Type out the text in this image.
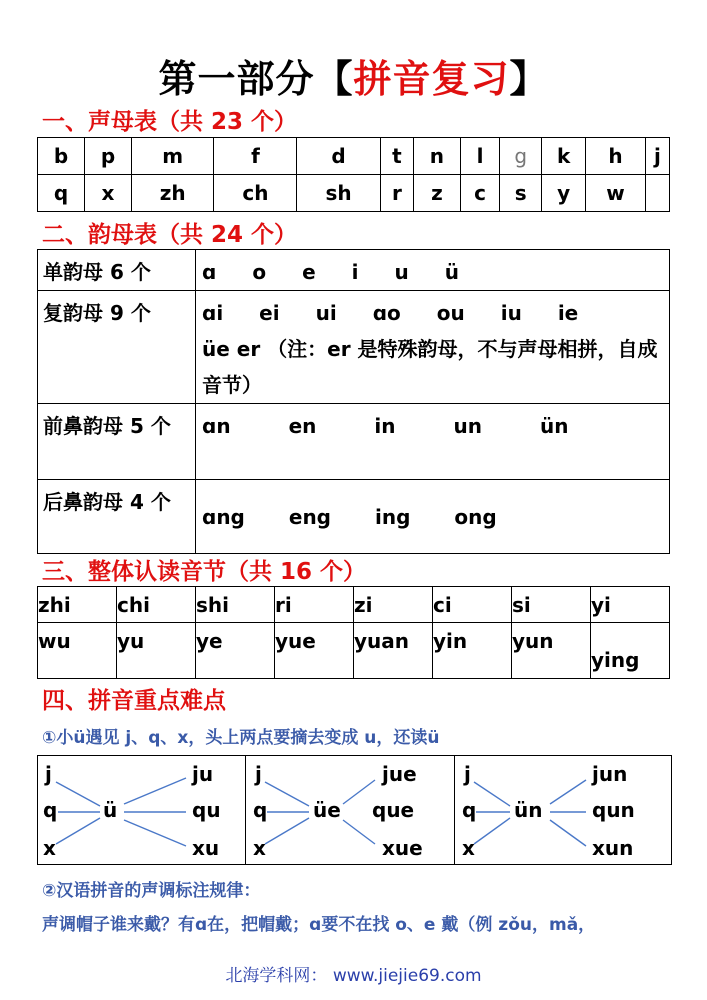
第一部分【拼音复习】
一、声母表（共 23 个）
b	p	m	f	d	t	n	l	g	k	h	j
q	x	zh	ch	sh	r	z	c	s	y	w	
二、韵母表（共 24 个）
单韵母 6 个	ɑ o e i u ü
复韵母 9 个	ɑi ei ui ɑo ou iu ie
üe er （注：er 是特殊韵母，不与声母相拼，自成音节）

前鼻韵母 5 个	ɑn en in un ün
后鼻韵母 4 个	ɑng eng ing ong
三、整体认读音节（共 16 个）
zhi	chi	shi	ri	zi	ci	si	yi
wu	yu	ye	yue	yuan	yin	yun	ying
四、拼音重点难点
①小ü遇见 j、q、x，头上两点要摘去变成 u，还读ü
j
q
x
ü
ju
qu
xu
j
q
x
üe
jue
que
xue
j
q
x
ün
jun
qun
xun
②汉语拼音的声调标注规律：
声调帽子谁来戴？有ɑ在，把帽戴；ɑ要不在找 o、e 戴（例 zǒu，mǎ，
北海学科网： www.jiejie69.com
